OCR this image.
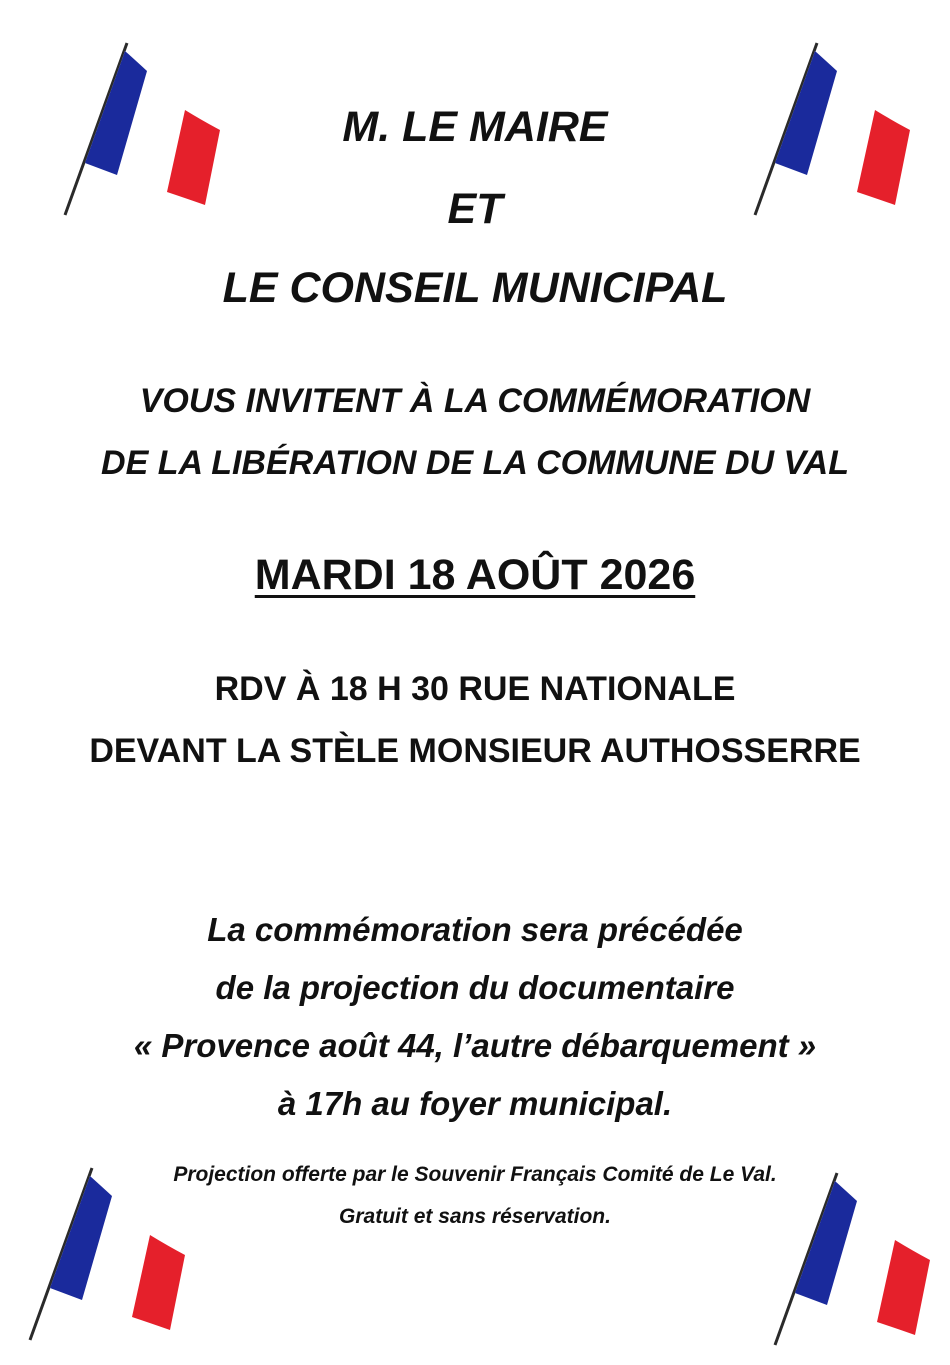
M. LE MAIRE
ET
LE CONSEIL MUNICIPAL
VOUS INVITENT À LA COMMÉMORATION
DE LA LIBÉRATION DE LA COMMUNE DU VAL
MARDI 18 AOÛT 2026
RDV À 18 H 30 RUE NATIONALE
DEVANT LA STÈLE MONSIEUR AUTHOSSERRE
La commémoration sera précédée
de la projection du documentaire
« Provence août 44, l’autre débarquement »
à 17h au foyer municipal.
Projection offerte par le Souvenir Français Comité de Le Val.
Gratuit et sans réservation.
